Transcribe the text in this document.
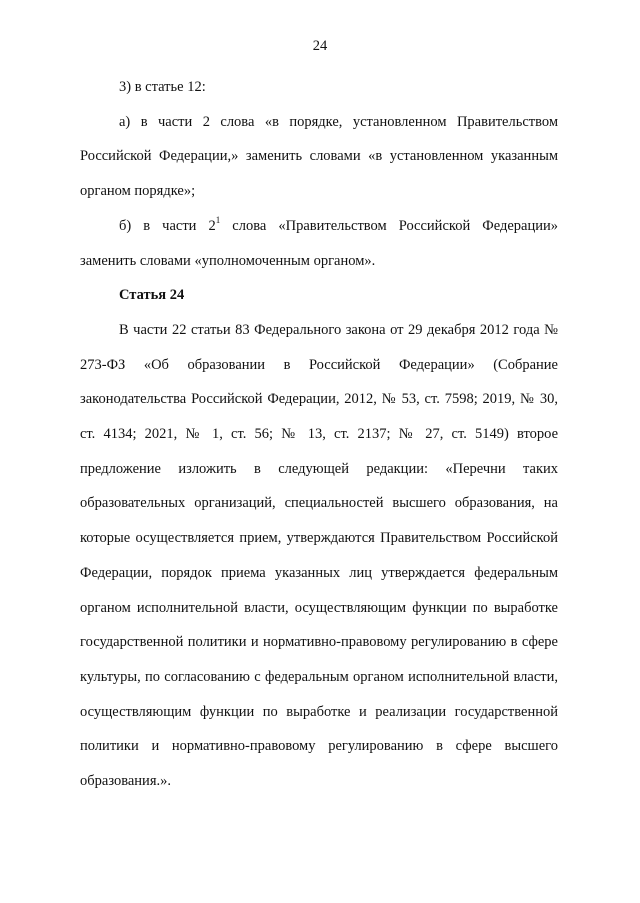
24

3) в статье 12:

а) в части 2 слова «в порядке, установленном Правительством Российской Федерации,» заменить словами «в установленном указанным органом порядке»;

б) в части $2^1$ слова «Правительством Российской Федерации» заменить словами «уполномоченным органом».

Статья 24

В части 22 статьи 83 Федерального закона от 29 декабря 2012 года № 273-ФЗ «Об образовании в Российской Федерации» (Собрание законодательства Российской Федерации, 2012, № 53, ст. 7598; 2019, № 30, ст. 4134; 2021, № 1, ст. 56; № 13, ст. 2137; № 27, ст. 5149) второе предложение изложить в следующей редакции: «Перечни таких образовательных организаций, специальностей высшего образования, на которые осуществляется прием, утверждаются Правительством Российской Федерации, порядок приема указанных лиц утверждается федеральным органом исполнительной власти, осуществляющим функции по выработке государственной политики и нормативно-правовому регулированию в сфере культуры, по согласованию с федеральным органом исполнительной власти, осуществляющим функции по выработке и реализации государственной политики и нормативно-правовому регулированию в сфере высшего образования.».
